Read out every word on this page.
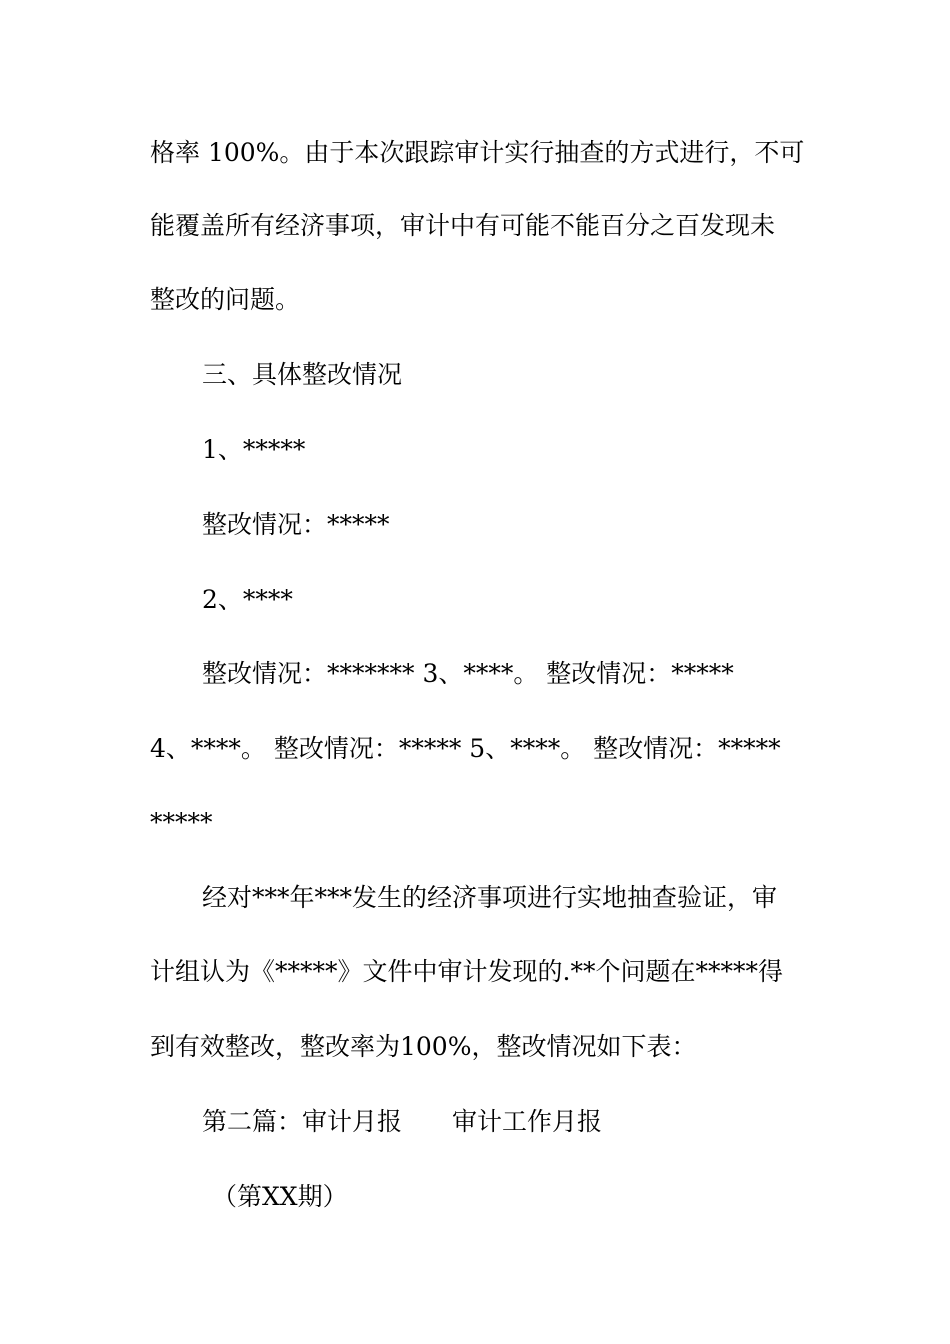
格率 100%。由于本次跟踪审计实行抽查的方式进行，不可
能覆盖所有经济事项，审计中有可能不能百分之百发现未
整改的问题。
三、具体整改情况
1、*****
整改情况：*****
2、****
整改情况：******* 3、****。 整改情况：*****
4、****。 整改情况：***** 5、****。 整改情况：*****
*****
经对***年***发生的经济事项进行实地抽查验证，审
计组认为《*****》文件中审计发现的.**个问题在*****得
到有效整改，整改率为100%，整改情况如下表：
第二篇：审计月报　　审计工作月报
（第XX期）
